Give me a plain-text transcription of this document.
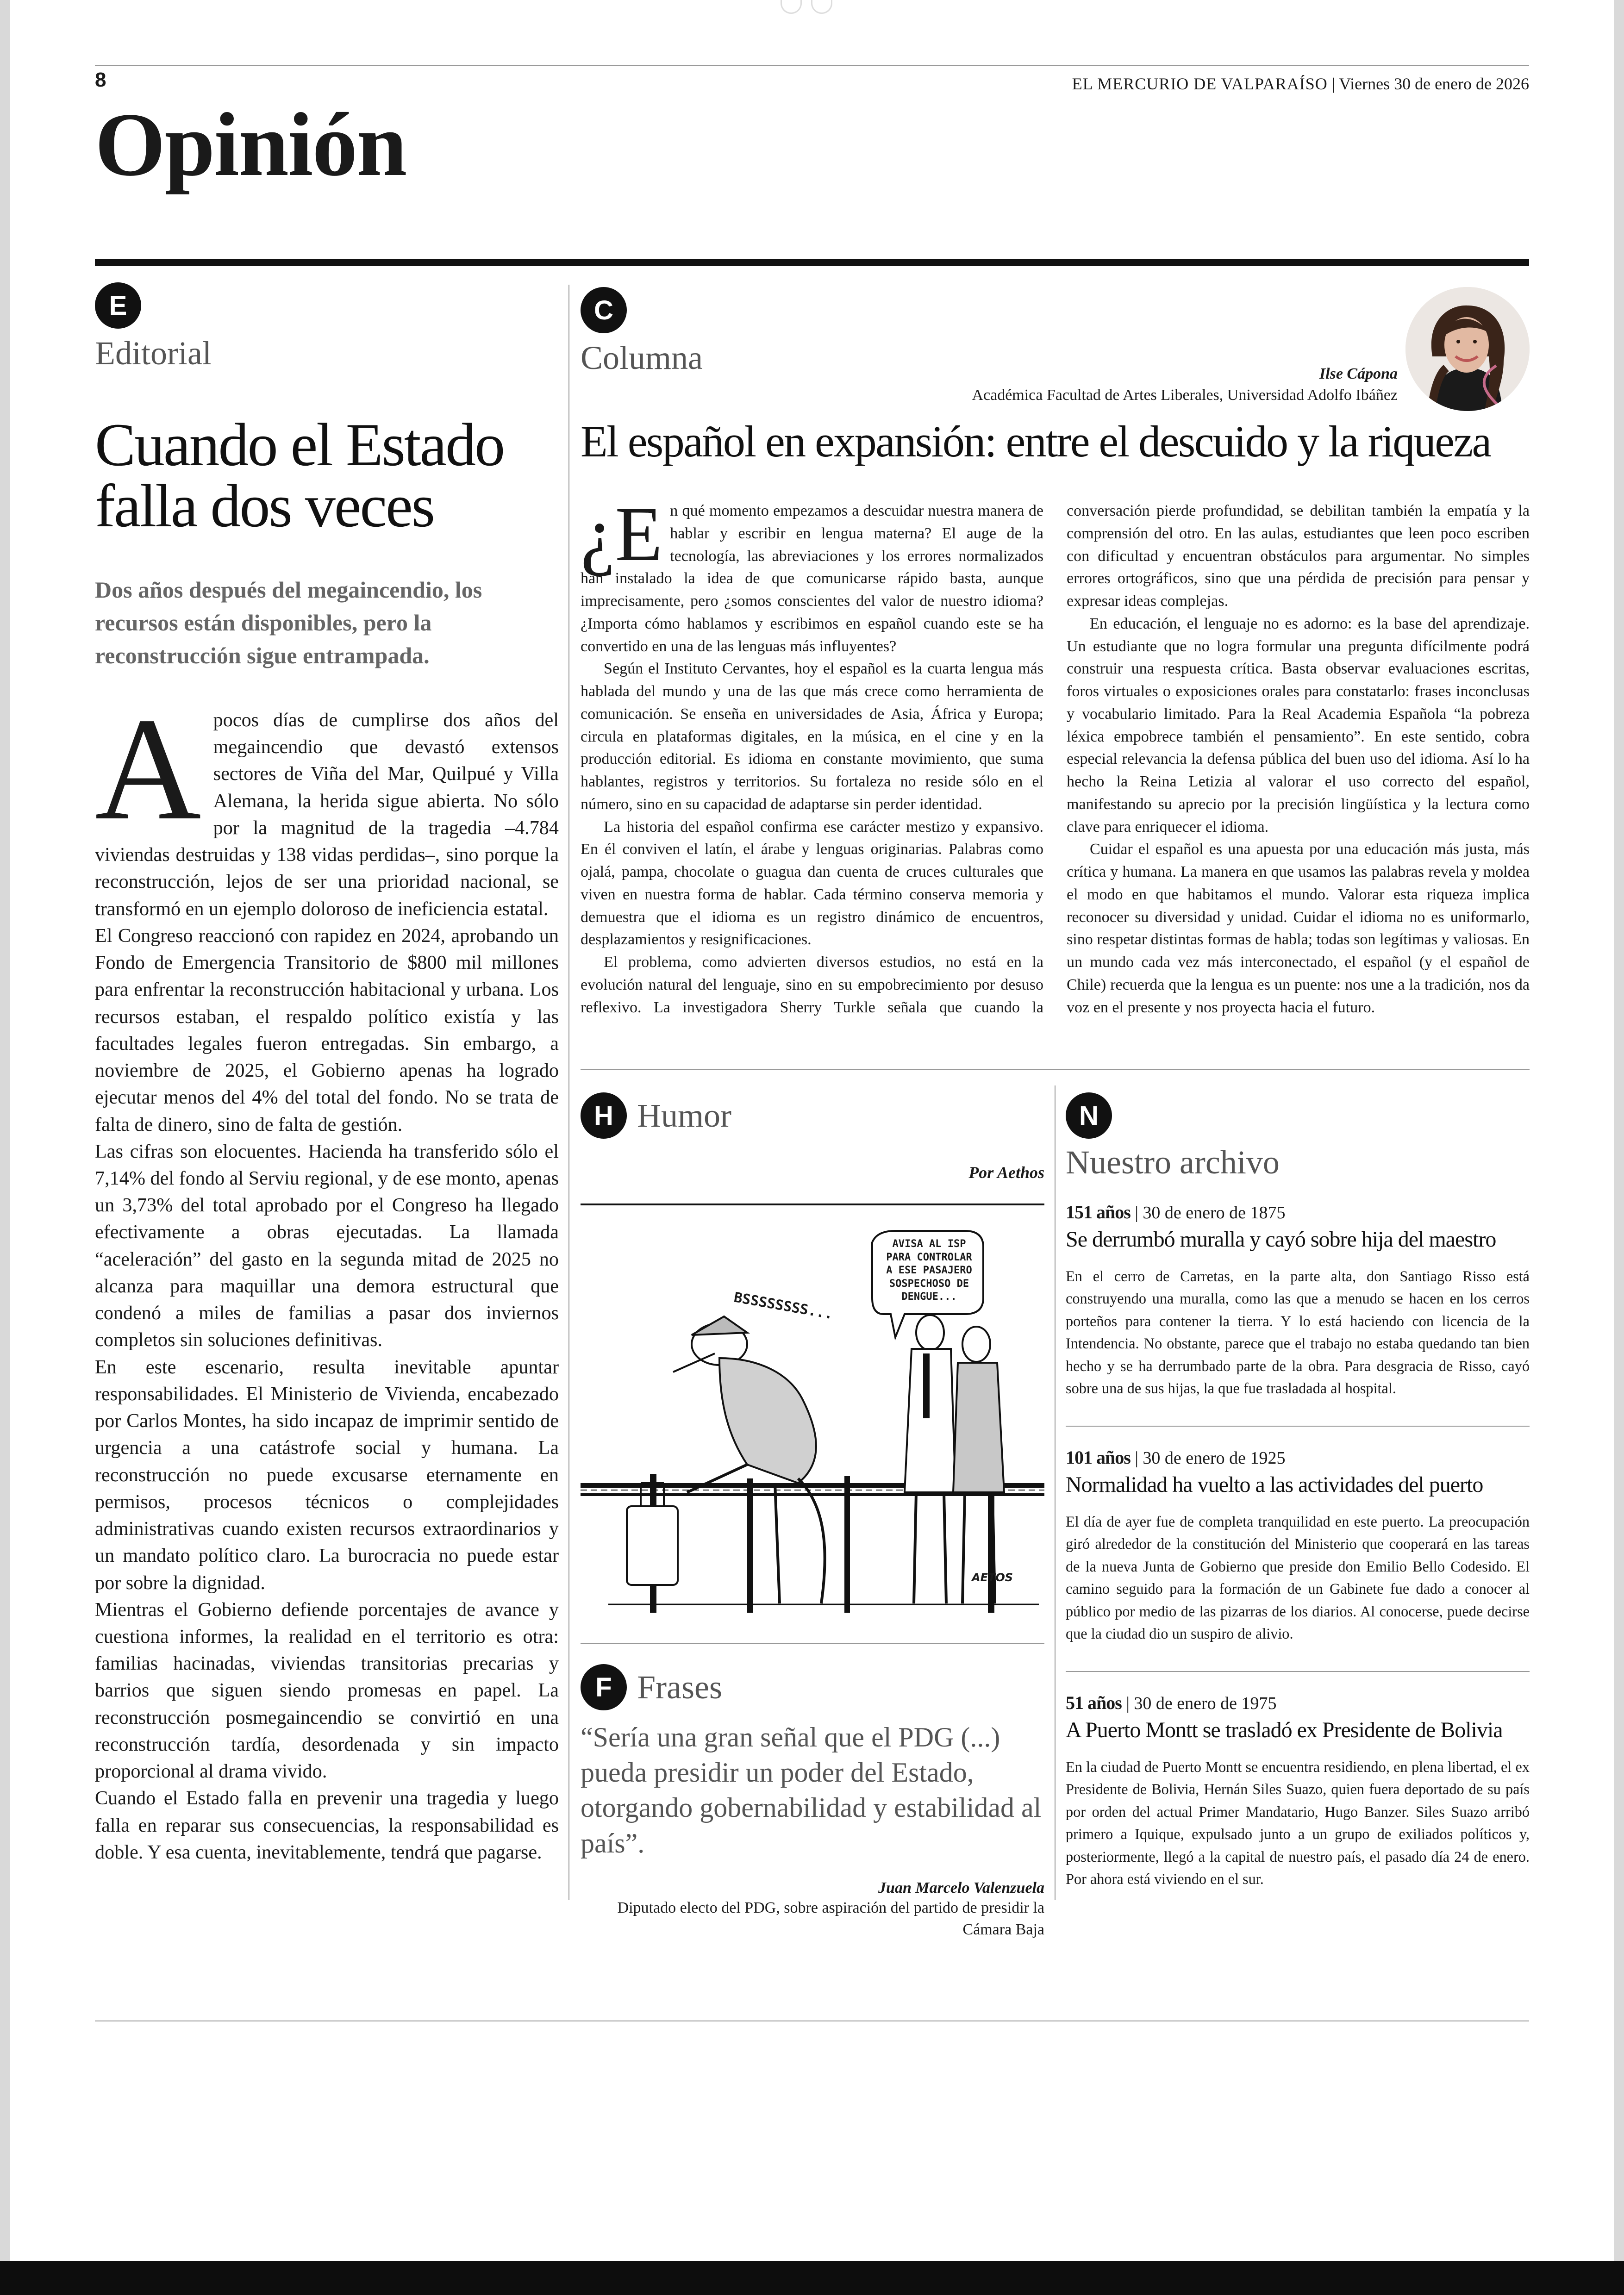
8	EL MERCURIO DE VALPARAÍSO | Viernes 30 de enero de 2026
Opinión
E
Editorial
Cuando el Estado falla dos veces
Dos años después del megaincendio, los recursos están disponibles, pero la reconstrucción sigue entrampada.

Apocos días de cumplirse dos años del megaincendio que devastó extensos sectores de Viña del Mar, Quilpué y Villa Alemana, la herida sigue abierta. No sólo por la magnitud de la tragedia –4.784 viviendas destruidas y 138 vidas perdidas–, sino porque la reconstrucción, lejos de ser una prioridad nacional, se transformó en un ejemplo doloroso de ineficiencia estatal.

El Congreso reaccionó con rapidez en 2024, aprobando un Fondo de Emergencia Transitorio de $800 mil millones para enfrentar la reconstrucción habitacional y urbana. Los recursos estaban, el respaldo político existía y las facultades legales fueron entregadas. Sin embargo, a noviembre de 2025, el Gobierno apenas ha logrado ejecutar menos del 4% del total del fondo. No se trata de falta de dinero, sino de falta de gestión.

Las cifras son elocuentes. Hacienda ha transferido sólo el 7,14% del fondo al Serviu regional, y de ese monto, apenas un 3,73% del total aprobado por el Congreso ha llegado efectivamente a obras ejecutadas. La llamada “aceleración” del gasto en la segunda mitad de 2025 no alcanza para maquillar una demora estructural que condenó a miles de familias a pasar dos inviernos completos sin soluciones definitivas.

En este escenario, resulta inevitable apuntar responsabilidades. El Ministerio de Vivienda, encabezado por Carlos Montes, ha sido incapaz de imprimir sentido de urgencia a una catástrofe social y humana. La reconstrucción no puede excusarse eternamente en permisos, procesos técnicos o complejidades administrativas cuando existen recursos extraordinarios y un mandato político claro. La burocracia no puede estar por sobre la dignidad.

Mientras el Gobierno defiende porcentajes de avance y cuestiona informes, la realidad en el territorio es otra: familias hacinadas, viviendas transitorias precarias y barrios que siguen siendo promesas en papel. La reconstrucción posmegaincendio se convirtió en una reconstrucción tardía, desordenada y sin impacto proporcional al drama vivido.

Cuando el Estado falla en prevenir una tragedia y luego falla en reparar sus consecuencias, la responsabilidad es doble. Y esa cuenta, inevitablemente, tendrá que pagarse.

C
Columna	Ilse Cápona
Académica Facultad de Artes Liberales, Universidad Adolfo Ibáñez
El español en expansión: entre el descuido y la riqueza

¿E n qué momento empezamos a descuidar nuestra manera de hablar y escribir en lengua materna? El auge de la tecnología, las abreviaciones y los errores normalizados han instalado la idea de que comunicarse rápido basta, aunque imprecisamente, pero ¿somos conscientes del valor de nuestro idioma? ¿Importa cómo hablamos y escribimos en español cuando este se ha convertido en una de las lenguas más influyentes?

Según el Instituto Cervantes, hoy el español es la cuarta lengua más hablada del mundo y una de las que más crece como herramienta de comunicación. Se enseña en universidades de Asia, África y Europa; circula en plataformas digitales, en la música, en el cine y en la producción editorial. Es idioma en constante movimiento, que suma hablantes, registros y territorios. Su fortaleza no reside sólo en el número, sino en su capacidad de adaptarse sin perder identidad.

La historia del español confirma ese carácter mestizo y expansivo. En él conviven el latín, el árabe y lenguas originarias. Palabras como ojalá, pampa, chocolate o guagua dan cuenta de cruces culturales que viven en nuestra forma de hablar. Cada término conserva memoria y demuestra que el idioma es un registro dinámico de encuentros, desplazamientos y resignificaciones.

El problema, como advierten diversos estudios, no está en la evolución natural del lenguaje, sino en su empobrecimiento por desuso reflexivo. La investigadora Sherry Turkle señala que cuando la conversación pierde profundidad, se debilitan también la empatía y la comprensión del otro. En las aulas, estudiantes que leen poco escriben con dificultad y encuentran obstáculos para argumentar. No simples errores ortográficos, sino que una pérdida de precisión para pensar y expresar ideas complejas.

En educación, el lenguaje no es adorno: es la base del aprendizaje. Un estudiante que no logra formular una pregunta difícilmente podrá construir una respuesta crítica. Basta observar evaluaciones escritas, foros virtuales o exposiciones orales para constatarlo: frases inconclusas y vocabulario limitado. Para la Real Academia Española “la pobreza léxica empobrece también el pensamiento”. En este sentido, cobra especial relevancia la defensa pública del buen uso del idioma. Así lo ha hecho la Reina Letizia al valorar el uso correcto del español, manifestando su aprecio por la precisión lingüística y la lectura como clave para enriquecer el idioma.

Cuidar el español es una apuesta por una educación más justa, más crítica y humana. La manera en que usamos las palabras revela y moldea el modo en que habitamos el mundo. Valorar esta riqueza implica reconocer su diversidad y unidad. Cuidar el idioma no es uniformarlo, sino respetar distintas formas de habla; todas son legítimas y valiosas. En un mundo cada vez más interconectado, el español (y el español de Chile) recuerda que la lengua es un puente: nos une a la tradición, nos da voz en el presente y nos proyecta hacia el futuro.

H Humor
Por Aethos
AVISA AL ISP PARA CONTROLAR A ESE PASAJERO SOSPECHOSO DE DENGUE...
BSSSSSSSS...
AETOS
F Frases
“Sería una gran señal que el PDG (...) pueda presidir un poder del Estado, otorgando gobernabilidad y estabilidad al país”.
Juan Marcelo Valenzuela
Diputado electo del PDG, sobre aspiración del partido de presidir la Cámara Baja
N
Nuestro archivo
151 años | 30 de enero de 1875
Se derrumbó muralla y cayó sobre hija del maestro
En el cerro de Carretas, en la parte alta, don Santiago Risso está construyendo una muralla, como las que a menudo se hacen en los cerros porteños para contener la tierra. Y lo está haciendo con licencia de la Intendencia. No obstante, parece que el trabajo no estaba quedando tan bien hecho y se ha derrumbado parte de la obra. Para desgracia de Risso, cayó sobre una de sus hijas, la que fue trasladada al hospital.
101 años | 30 de enero de 1925
Normalidad ha vuelto a las actividades del puerto
El día de ayer fue de completa tranquilidad en este puerto. La preocupación giró alrededor de la constitución del Ministerio que cooperará en las tareas de la nueva Junta de Gobierno que preside don Emilio Bello Codesido. El camino seguido para la formación de un Gabinete fue dado a conocer al público por medio de las pizarras de los diarios. Al conocerse, puede decirse que la ciudad dio un suspiro de alivio.
51 años | 30 de enero de 1975
A Puerto Montt se trasladó ex Presidente de Bolivia
En la ciudad de Puerto Montt se encuentra residiendo, en plena libertad, el ex Presidente de Bolivia, Hernán Siles Suazo, quien fuera deportado de su país por orden del actual Primer Mandatario, Hugo Banzer. Siles Suazo arribó primero a Iquique, expulsado junto a un grupo de exiliados políticos y, posteriormente, llegó a la capital de nuestro país, el pasado día 24 de enero. Por ahora está viviendo en el sur.
